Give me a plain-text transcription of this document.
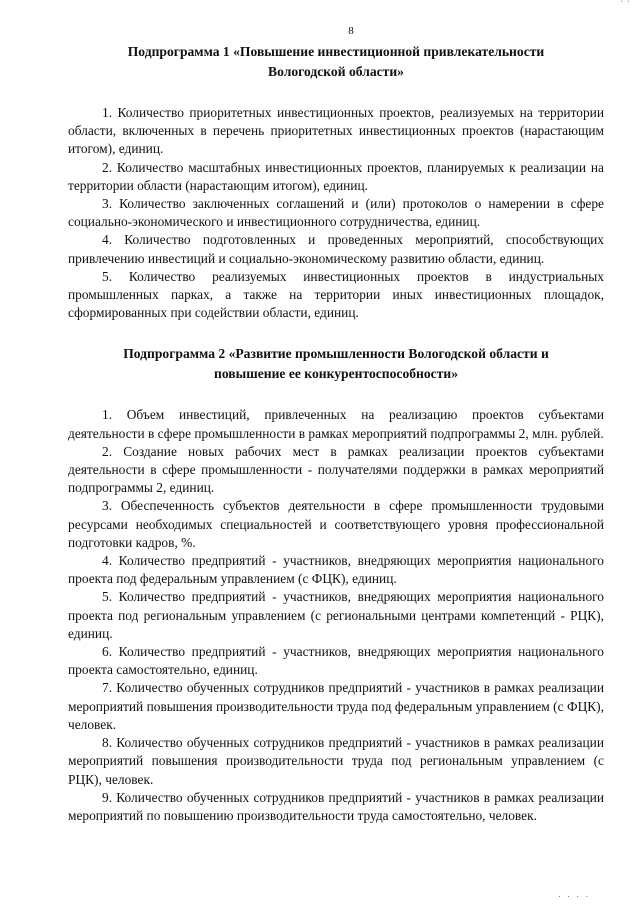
´ ´
8
Подпрограмма 1 «Повышение инвестиционной привлекательности
Вологодской области»

1. Количество приоритетных инвестиционных проектов, реализуемых на территории области, включенных в перечень приоритетных инвестиционных проектов (нарастающим итогом), единиц.

2. Количество масштабных инвестиционных проектов, планируемых к реализации на территории области (нарастающим итогом), единиц.

3. Количество заключенных соглашений и (или) протоколов о намерении в сфере социально-экономического и инвестиционного сотрудничества, единиц.

4. Количество подготовленных и проведенных мероприятий, способствующих привлечению инвестиций и социально-экономическому развитию области, единиц.

5. Количество реализуемых инвестиционных проектов в индустриальных промышленных парках, а также на территории иных инвестиционных площадок, сформированных при содействии области, единиц.

Подпрограмма 2 «Развитие промышленности Вологодской области и
повышение ее конкурентоспособности»

1. Объем инвестиций, привлеченных на реализацию проектов субъектами деятельности в сфере промышленности в рамках мероприятий подпрограммы 2, млн. рублей.

2. Создание новых рабочих мест в рамках реализации проектов субъектами деятельности в сфере промышленности - получателями поддержки в рамках мероприятий подпрограммы 2, единиц.

3. Обеспеченность субъектов деятельности в сфере промышленности трудовыми ресурсами необходимых специальностей и соответствующего уровня профессиональной подготовки кадров, %.

4. Количество предприятий - участников, внедряющих мероприятия национального проекта под федеральным управлением (с ФЦК), единиц.

5. Количество предприятий - участников, внедряющих мероприятия национального проекта под региональным управлением (с региональными центрами компетенций - РЦК), единиц.

6. Количество предприятий - участников, внедряющих мероприятия национального проекта самостоятельно, единиц.

7. Количество обученных сотрудников предприятий - участников в рамках реализации мероприятий повышения производительности труда под федеральным управлением (с ФЦК), человек.

8. Количество обученных сотрудников предприятий - участников в рамках реализации мероприятий повышения производительности труда под региональным управлением (с РЦК), человек.

9. Количество обученных сотрудников предприятий - участников в рамках реализации мероприятий по повышению производительности труда самостоятельно, человек.

. . . .
